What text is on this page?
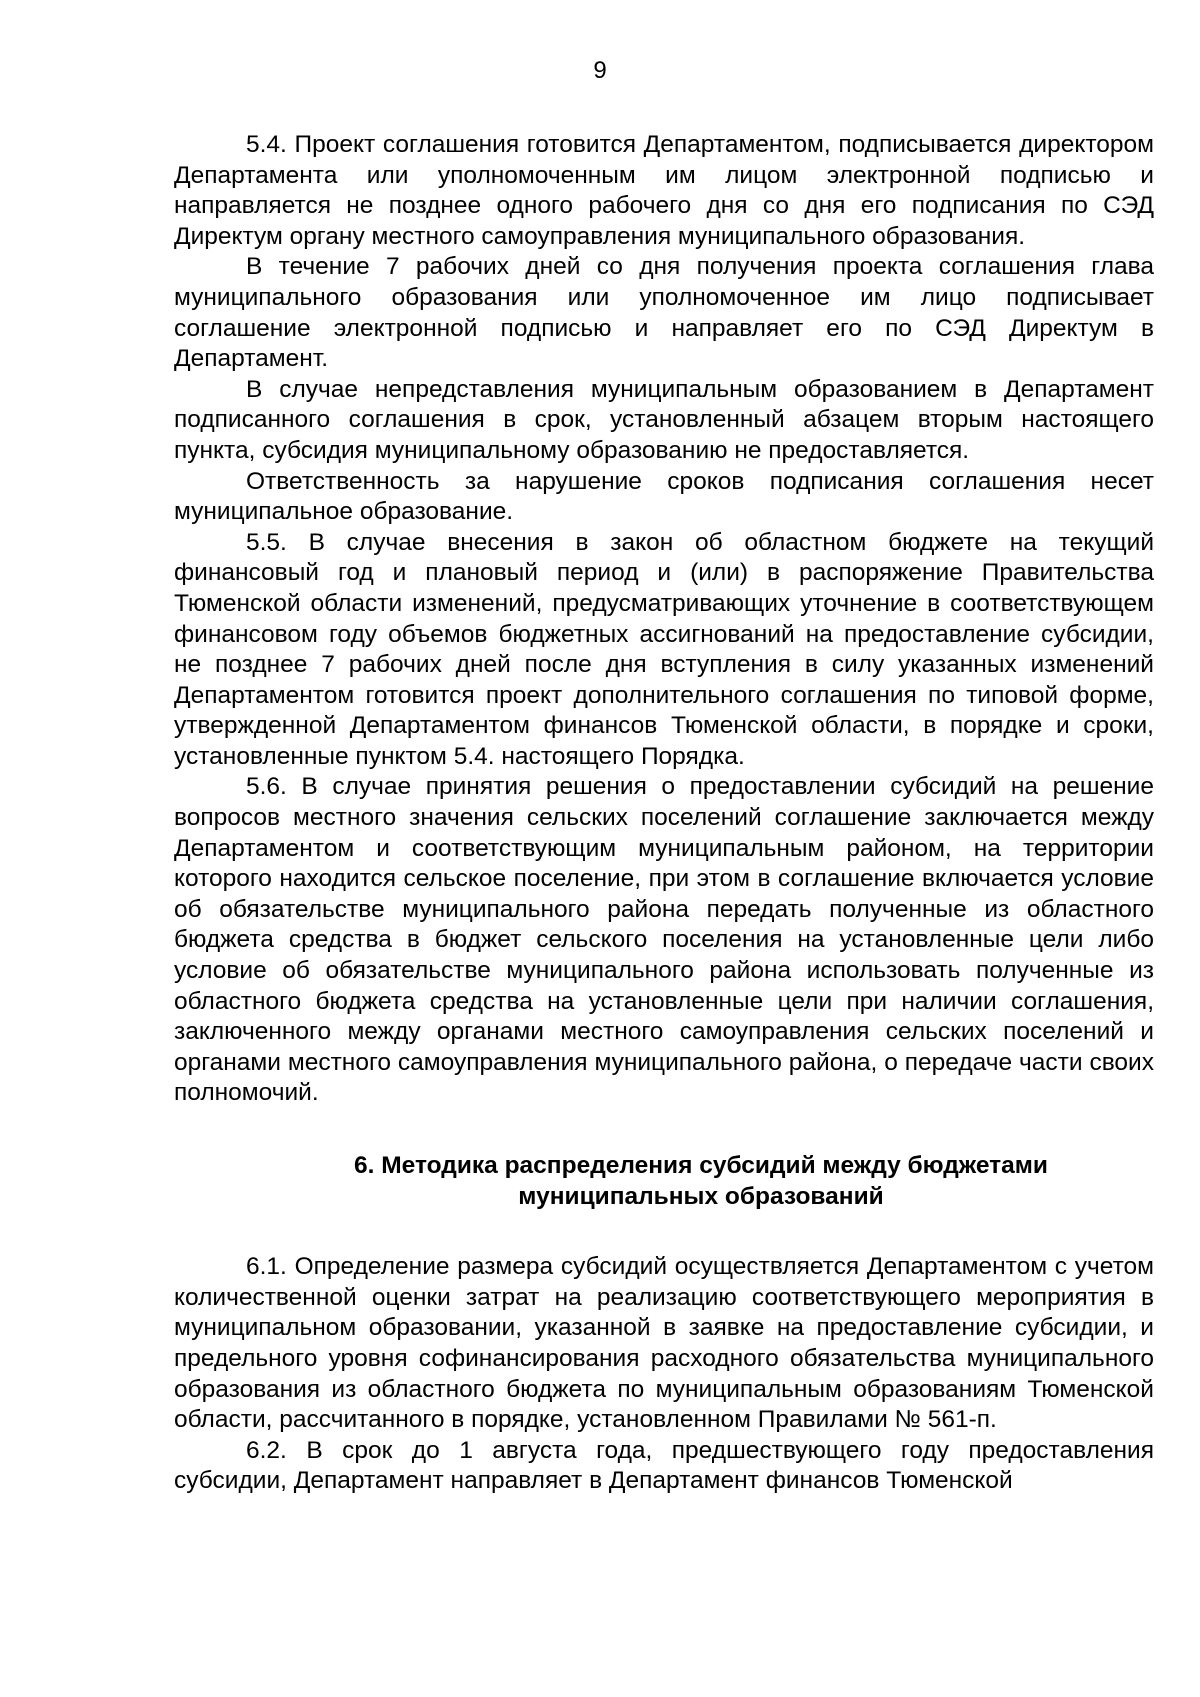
9

5.4. Проект соглашения готовится Департаментом, подписывается директором Департамента или уполномоченным им лицом электронной подписью и направляется не позднее одного рабочего дня со дня его подписания по СЭД Директум органу местного самоуправления муниципального образования.

В течение 7 рабочих дней со дня получения проекта соглашения глава муниципального образования или уполномоченное им лицо подписывает соглашение электронной подписью и направляет его по СЭД Директум в Департамент.

В случае непредставления муниципальным образованием в Департамент подписанного соглашения в срок, установленный абзацем вторым настоящего пункта, субсидия муниципальному образованию не предоставляется.

Ответственность за нарушение сроков подписания соглашения несет муниципальное образование.

5.5. В случае внесения в закон об областном бюджете на текущий финансовый год и плановый период и (или) в распоряжение Правительства Тюменской области изменений, предусматривающих уточнение в соответствующем финансовом году объемов бюджетных ассигнований на предоставление субсидии, не позднее 7 рабочих дней после дня вступления в силу указанных изменений Департаментом готовится проект дополнительного соглашения по типовой форме, утвержденной Департаментом финансов Тюменской области, в порядке и сроки, установленные пунктом 5.4. настоящего Порядка.

5.6. В случае принятия решения о предоставлении субсидий на решение вопросов местного значения сельских поселений соглашение заключается между Департаментом и соответствующим муниципальным районом, на территории которого находится сельское поселение, при этом в соглашение включается условие об обязательстве муниципального района передать полученные из областного бюджета средства в бюджет сельского поселения на установленные цели либо условие об обязательстве муниципального района использовать полученные из областного бюджета средства на установленные цели при наличии соглашения, заключенного между органами местного самоуправления сельских поселений и органами местного самоуправления муниципального района, о передаче части своих полномочий.

6. Методика распределения субсидий между бюджетами муниципальных образований

6.1. Определение размера субсидий осуществляется Департаментом с учетом количественной оценки затрат на реализацию соответствующего мероприятия в муниципальном образовании, указанной в заявке на предоставление субсидии, и предельного уровня софинансирования расходного обязательства муниципального образования из областного бюджета по муниципальным образованиям Тюменской области, рассчитанного в порядке, установленном Правилами № 561-п.

6.2. В срок до 1 августа года, предшествующего году предоставления субсидии, Департамент направляет в Департамент финансов Тюменской
